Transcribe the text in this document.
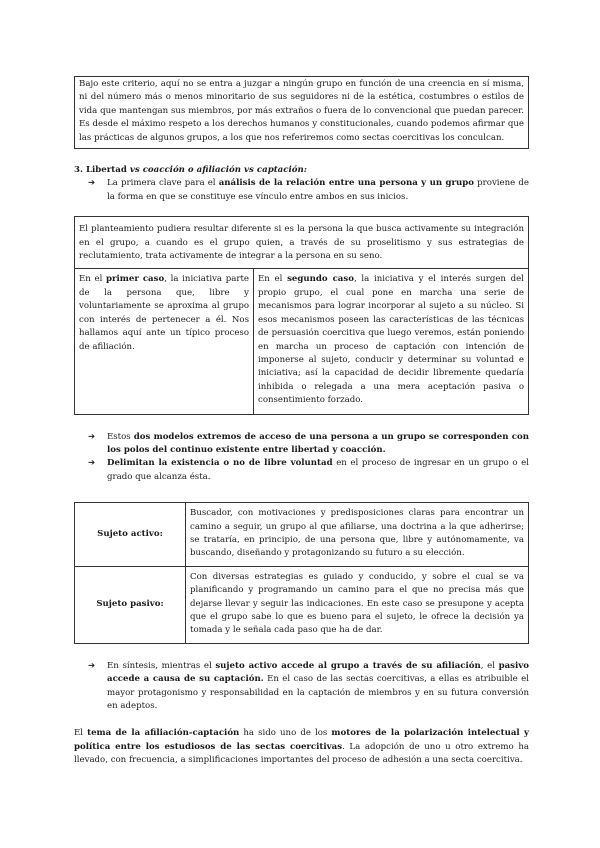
Bajo este criterio, aquí no se entra a juzgar a ningún grupo en función de una creencia en sí misma, ni del número más o menos minoritario de sus seguidores ni de la estética, costumbres o estilos de vida que mantengan sus miembros, por más extraños o fuera de lo convencional que puedan parecer. Es desde el máximo respeto a los derechos humanos y constitucionales, cuando podemos afirmar que las prácticas de algunos grupos, a los que nos referiremos como sectas coercitivas los conculcan.

3. Libertad vs coacción o afiliación vs captación:

➔ La primera clave para el análisis de la relación entre una persona y un grupo proviene de la forma en que se constituye ese vínculo entre ambos en sus inicios.
El planteamiento pudiera resultar diferente si es la persona la que busca activamente su integración en el grupo, a cuando es el grupo quien, a través de su proselitismo y sus estrategias de reclutamiento, trata activamente de integrar a la persona en su seno.
En el primer caso, la iniciativa parte de la persona que, libre y voluntariamente se aproxima al grupo con interés de pertenecer a él. Nos hallamos aquí ante un típico proceso de afiliación.
En el segundo caso, la iniciativa y el interés surgen del propio grupo, el cual pone en marcha una serie de mecanismos para lograr incorporar al sujeto a su núcleo. Si esos mecanismos poseen las características de las técnicas de persuasión coercitiva que luego veremos, están poniendo en marcha un proceso de captación con intención de imponerse al sujeto, conducir y determinar su voluntad e iniciativa; así la capacidad de decidir libremente quedaría inhibida o relegada a una mera aceptación pasiva o consentimiento forzado.
➔ Estos dos modelos extremos de acceso de una persona a un grupo se corresponden con los polos del continuo existente entre libertad y coacción.
➔ Delimitan la existencia o no de libre voluntad en el proceso de ingresar en un grupo o el grado que alcanza ésta.
Sujeto activo:
Buscador, con motivaciones y predisposiciones claras para encontrar un camino a seguir, un grupo al que afiliarse, una doctrina a la que adherirse; se trataría, en principio, de una persona que, libre y autónomamente, va buscando, diseñando y protagonizando su futuro a su elección.
Sujeto pasivo:
Con diversas estrategias es guiado y conducido, y sobre el cual se va planificando y programando un camino para el que no precisa más que dejarse llevar y seguir las indicaciones. En este caso se presupone y acepta que el grupo sabe lo que es bueno para el sujeto, le ofrece la decisión ya tomada y le señala cada paso que ha de dar.
➔ En síntesis, mientras el sujeto activo accede al grupo a través de su afiliación, el pasivo accede a causa de su captación. En el caso de las sectas coercitivas, a ellas es atribuible el mayor protagonismo y responsabilidad en la captación de miembros y en su futura conversión en adeptos.

El tema de la afiliación-captación ha sido uno de los motores de la polarización intelectual y política entre los estudiosos de las sectas coercitivas. La adopción de uno u otro extremo ha llevado, con frecuencia, a simplificaciones importantes del proceso de adhesión a una secta coercitiva.
